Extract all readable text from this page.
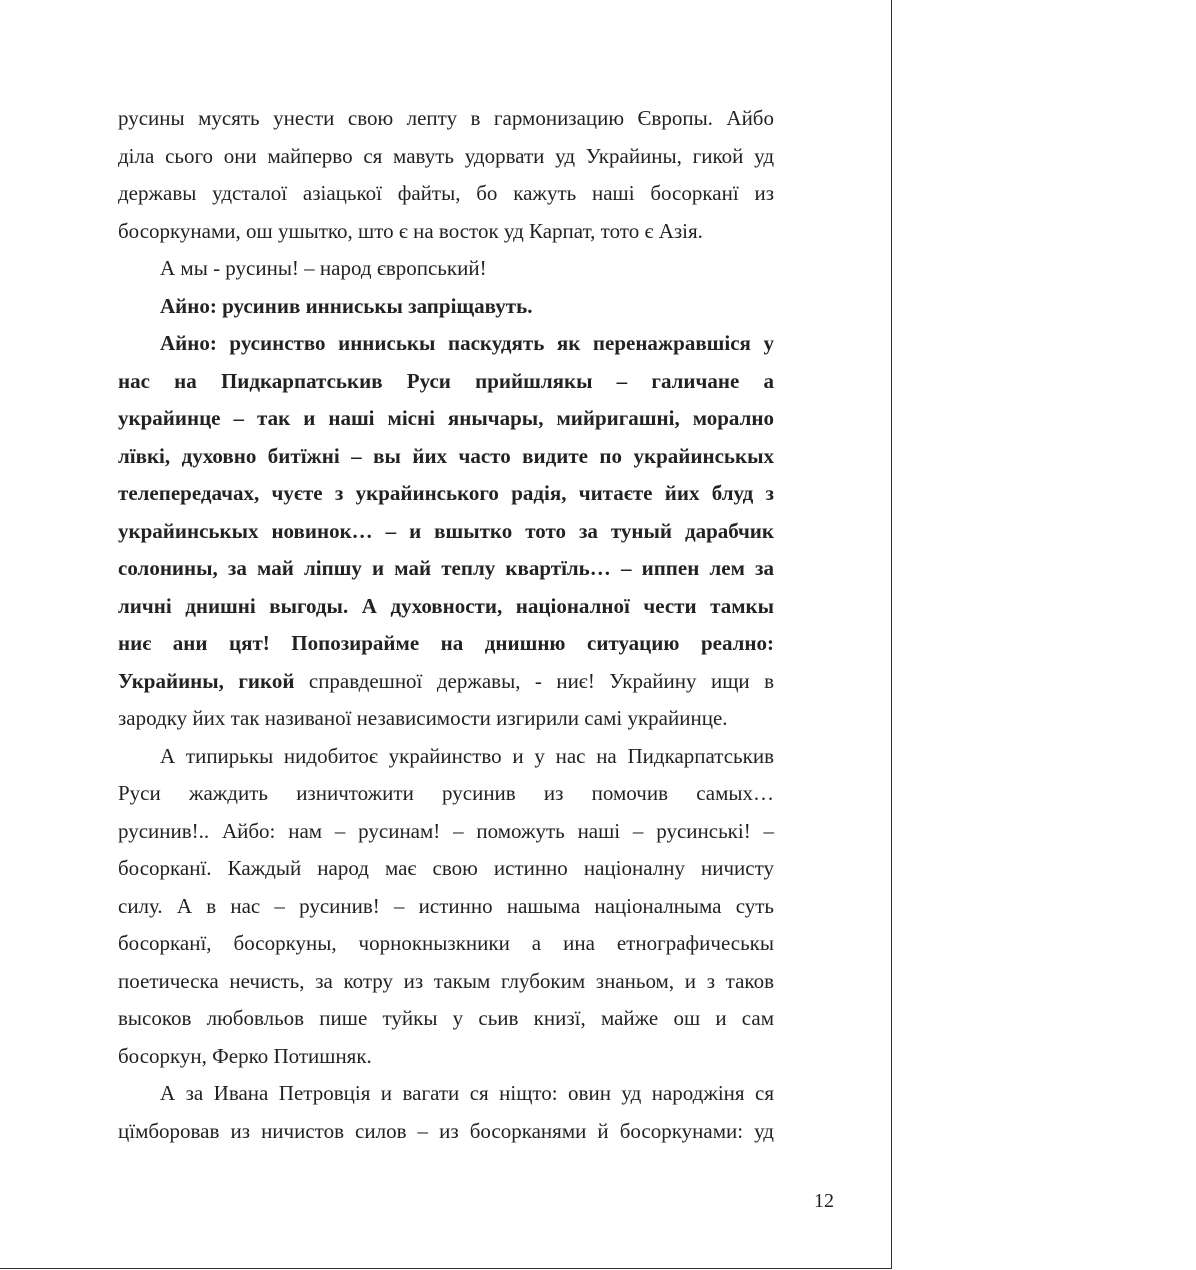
русины мусять унести свою лепту в гармонизацию Європы. Айбо
діла сього они майперво ся мавуть удорвати уд Украйины, гикой уд
державы удсталої азіацької файты, бо кажуть наші босорканї из
босоркунами, ош ушытко, што є на восток уд Карпат, тото є Азія.
А мы - русины! – народ європський!
Айно: русинив инниськы запріщавуть.
Айно: русинство инниськы паскудять як перенажравшіся у
нас на Пидкарпатськив Руси прийшлякы – галичане а
украйинце – так и наші місні янычары, мийригашні, морално
лївкі, духовно битїжні – вы йих часто видите по украйинськых
телепередачах, чуєте з украйинського радія, читаєте йих блуд з
украйинськых новинок… – и вшытко тото за туный дарабчик
солонины, за май ліпшу и май теплу квартїль… – иппен лем за
личні днишні выгоды. А духовности, націоналної чести тамкы
ниє ани цят! Попозирайме на днишню ситуацию реално:
Украйины, гикой справдешної державы, - ниє! Украйину ищи в
зародку йих так називаної независимости изгирили самі украйинце.
А типирькы нидобитоє украйинство и у нас на Пидкарпатськив
Руси жаждить изничтожити русинив из помочив самых…
русинив!.. Айбо: нам – русинам! – поможуть наші – русинські! –
босорканї. Каждый народ має свою истинно націоналну ничисту
силу. А в нас – русинив! – истинно нашыма націоналныма суть
босорканї, босоркуны, чорнокнызкники а ина етнографичеськы
поетическа нечисть, за котру из такым глубоким знаньом, и з таков
высоков любовльов пише туйкы у сьив книзї, майже ош и сам
босоркун, Ферко Потишняк.
А за Ивана Петровція и вагати ся ніщто: овин уд народжіня ся
цїмборовав из ничистов силов – из босорканями й босоркунами: уд
12
